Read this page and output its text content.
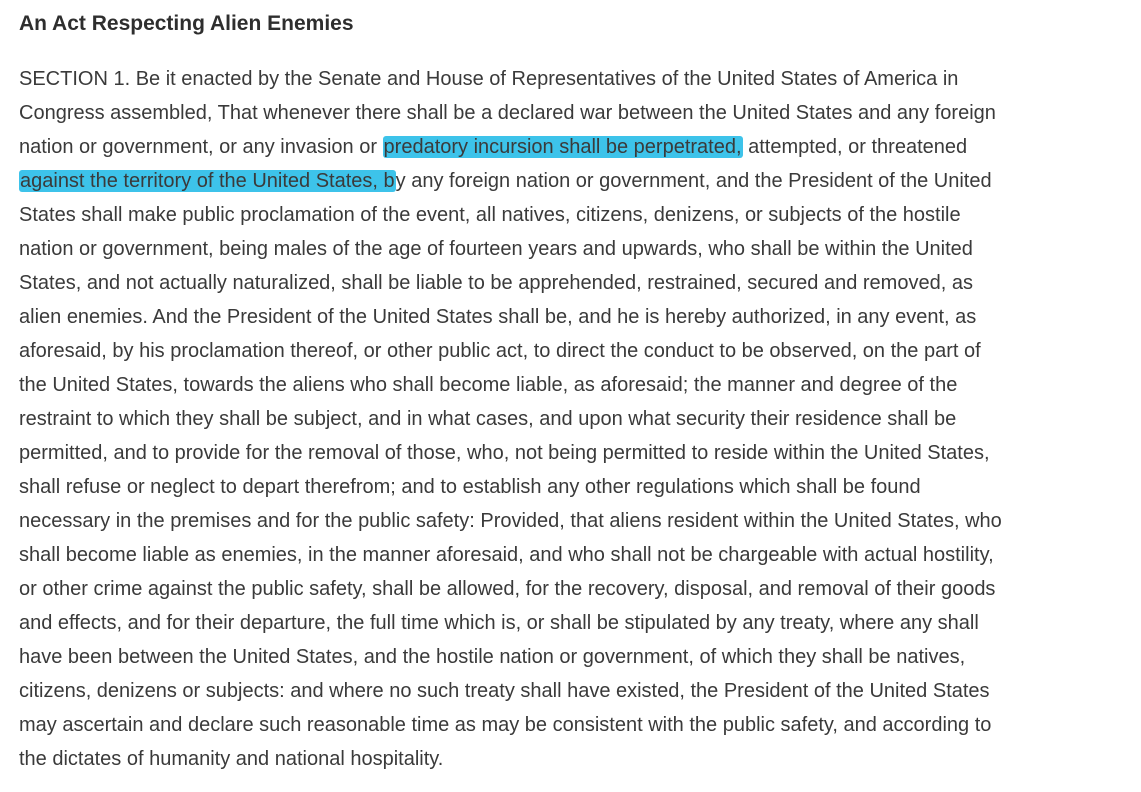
An Act Respecting Alien Enemies
SECTION 1. Be it enacted by the Senate and House of Representatives of the United States of America in
Congress assembled, That whenever there shall be a declared war between the United States and any foreign
nation or government, or any invasion or predatory incursion shall be perpetrated, attempted, or threatened
against the territory of the United States, by any foreign nation or government, and the President of the United
States shall make public proclamation of the event, all natives, citizens, denizens, or subjects of the hostile
nation or government, being males of the age of fourteen years and upwards, who shall be within the United
States, and not actually naturalized, shall be liable to be apprehended, restrained, secured and removed, as
alien enemies. And the President of the United States shall be, and he is hereby authorized, in any event, as
aforesaid, by his proclamation thereof, or other public act, to direct the conduct to be observed, on the part of
the United States, towards the aliens who shall become liable, as aforesaid; the manner and degree of the
restraint to which they shall be subject, and in what cases, and upon what security their residence shall be
permitted, and to provide for the removal of those, who, not being permitted to reside within the United States,
shall refuse or neglect to depart therefrom; and to establish any other regulations which shall be found
necessary in the premises and for the public safety: Provided, that aliens resident within the United States, who
shall become liable as enemies, in the manner aforesaid, and who shall not be chargeable with actual hostility,
or other crime against the public safety, shall be allowed, for the recovery, disposal, and removal of their goods
and effects, and for their departure, the full time which is, or shall be stipulated by any treaty, where any shall
have been between the United States, and the hostile nation or government, of which they shall be natives,
citizens, denizens or subjects: and where no such treaty shall have existed, the President of the United States
may ascertain and declare such reasonable time as may be consistent with the public safety, and according to
the dictates of humanity and national hospitality.
